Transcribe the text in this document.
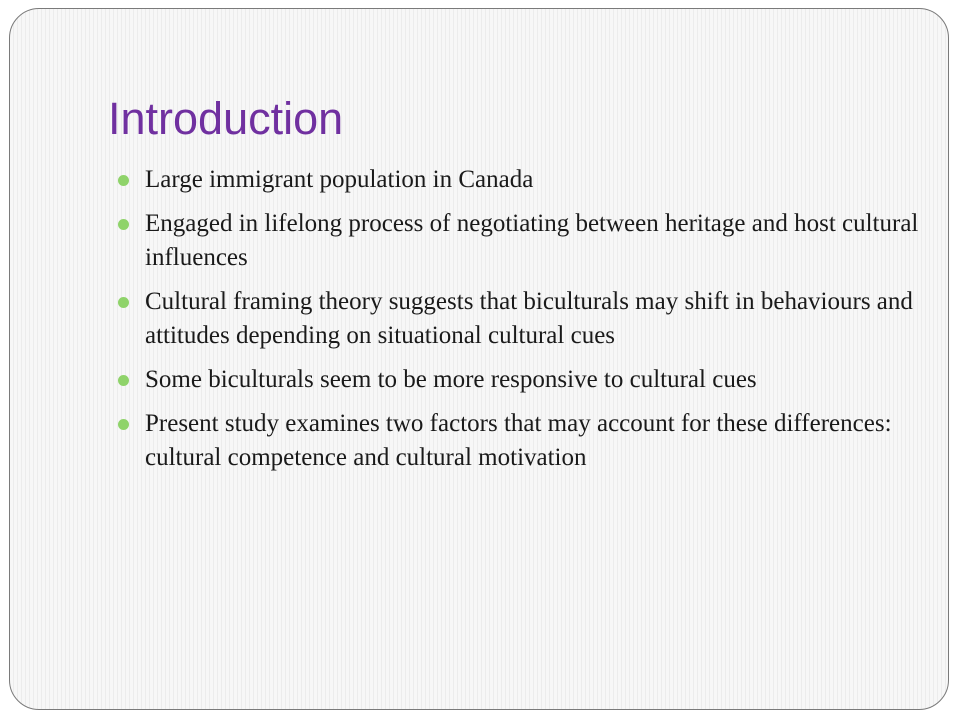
Introduction
Large immigrant population in Canada
Engaged in lifelong process of negotiating between heritage and host cultural influences
Cultural framing theory suggests that biculturals may shift in behaviours and attitudes depending on situational cultural cues
Some biculturals seem to be more responsive to cultural cues
Present study examines two factors that may account for these differences: cultural competence and cultural motivation
